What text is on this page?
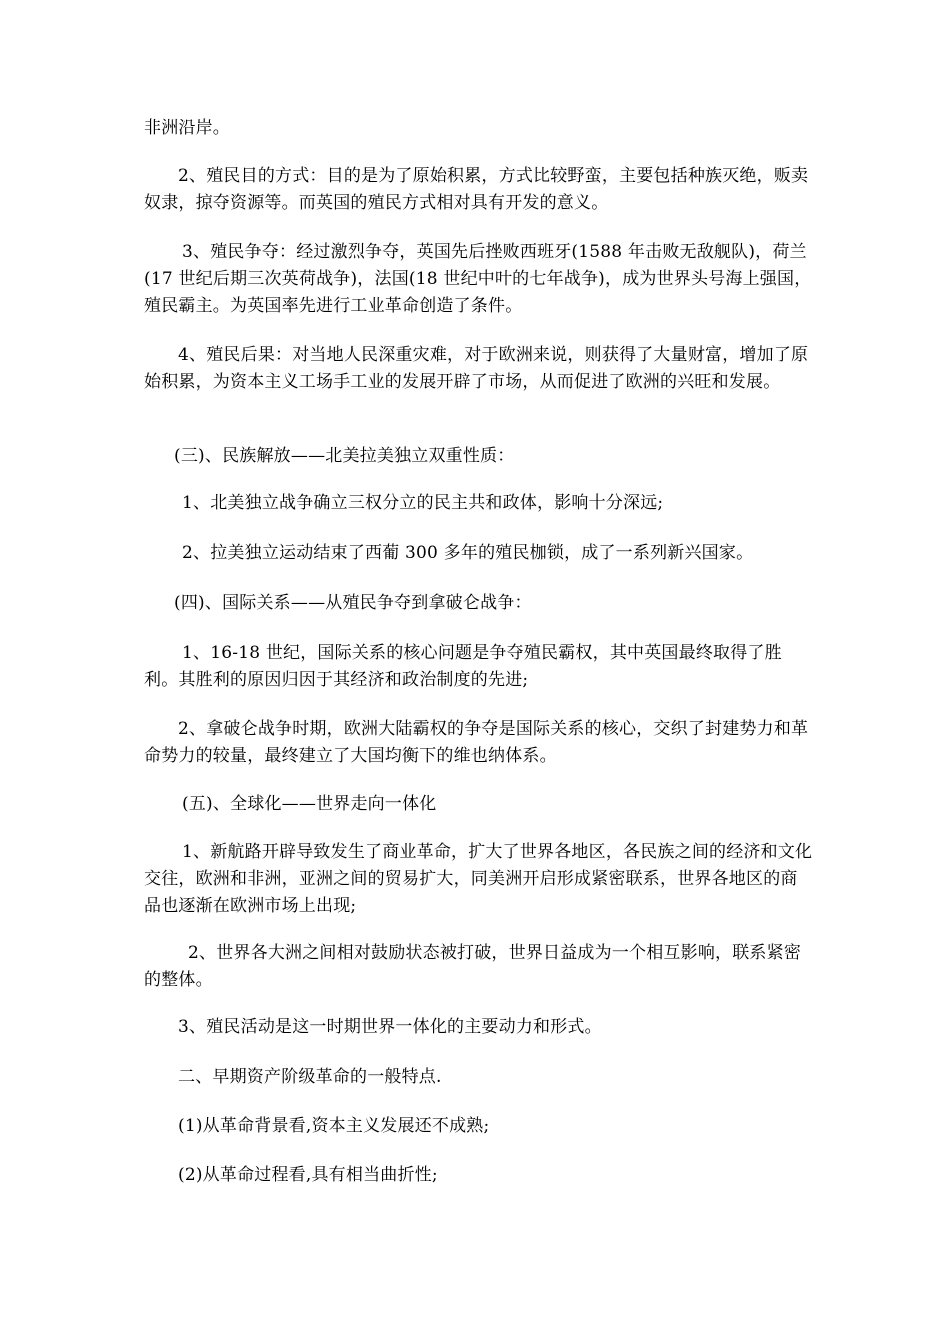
非洲沿岸。

2、殖民目的方式：目的是为了原始积累，方式比较野蛮，主要包括种族灭绝，贩卖奴隶，掠夺资源等。而英国的殖民方式相对具有开发的意义。

3、殖民争夺：经过激烈争夺，英国先后挫败西班牙(1588 年击败无敌舰队)，荷兰(17 世纪后期三次英荷战争)，法国(18 世纪中叶的七年战争)，成为世界头号海上强国，殖民霸主。为英国率先进行工业革命创造了条件。

4、殖民后果：对当地人民深重灾难，对于欧洲来说，则获得了大量财富，增加了原始积累，为资本主义工场手工业的发展开辟了市场，从而促进了欧洲的兴旺和发展。

(三)、民族解放——北美拉美独立双重性质：

1、北美独立战争确立三权分立的民主共和政体，影响十分深远;

2、拉美独立运动结束了西葡 300 多年的殖民枷锁，成了一系列新兴国家。

(四)、国际关系——从殖民争夺到拿破仑战争：

1、16-18 世纪，国际关系的核心问题是争夺殖民霸权，其中英国最终取得了胜利。其胜利的原因归因于其经济和政治制度的先进;

2、拿破仑战争时期，欧洲大陆霸权的争夺是国际关系的核心，交织了封建势力和革命势力的较量，最终建立了大国均衡下的维也纳体系。

(五)、全球化——世界走向一体化

1、新航路开辟导致发生了商业革命，扩大了世界各地区，各民族之间的经济和文化交往，欧洲和非洲，亚洲之间的贸易扩大，同美洲开启形成紧密联系，世界各地区的商品也逐渐在欧洲市场上出现;

2、世界各大洲之间相对鼓励状态被打破，世界日益成为一个相互影响，联系紧密的整体。

3、殖民活动是这一时期世界一体化的主要动力和形式。

二、早期资产阶级革命的一般特点.

(1)从革命背景看,资本主义发展还不成熟;

(2)从革命过程看,具有相当曲折性;
